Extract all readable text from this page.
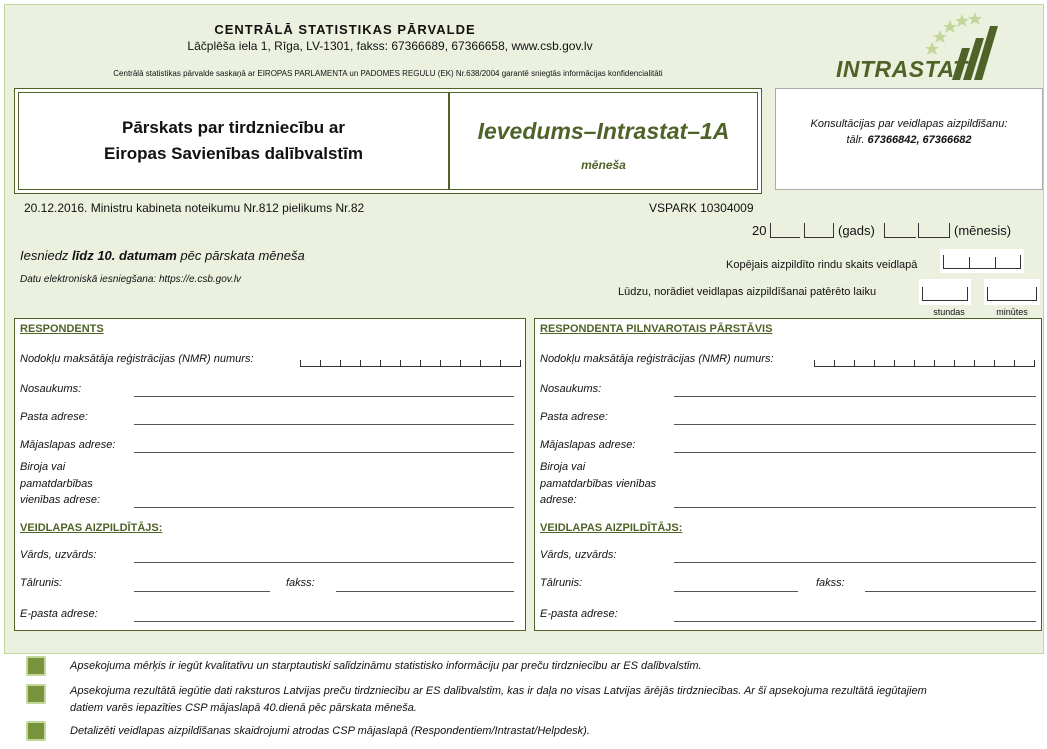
CENTRĀLĀ STATISTIKAS PĀRVALDE
Lāčplēša iela 1, Rīga, LV-1301, fakss: 67366689, 67366658, www.csb.gov.lv
Centrālā statistikas pārvalde saskaņā ar EIROPAS PARLAMENTA un PADOMES REGULU (EK) Nr.638/2004 garantē sniegtās informācijas konfidencialitāti	INTRASTAT
Pārskats par tirdzniecību ar
Eiropas Savienības dalībvalstīm
Ievedums–Intrastat–1A
mēneša
Konsultācijas par veidlapas aizpildīšanu:
tālr. 67366842, 67366682
20.12.2016. Ministru kabineta noteikumu Nr.812 pielikums Nr.82	VSPARK 10304009
20	(gads)	(mēnesis)
Iesniedz līdz 10. datumam pēc pārskata mēneša
Datu elektroniskā iesniegšana: https://e.csb.gov.lv
Kopējais aizpildīto rindu skaits veidlapā
Lūdzu, norādiet veidlapas aizpildīšanai patērēto laiku
stundas	minūtes
RESPONDENTS
Nodokļu maksātāja reģistrācijas (NMR) numurs:
Nosaukums:
Pasta adrese:
Mājaslapas adrese:
Biroja vai
pamatdarbības
vienības adrese:
VEIDLAPAS AIZPILDĪTĀJS:
Vārds, uzvārds:
Tālrunis:	fakss:
E-pasta adrese:
RESPONDENTA PILNVAROTAIS PĀRSTĀVIS
Nodokļu maksātāja reģistrācijas (NMR) numurs:
Nosaukums:
Pasta adrese:
Mājaslapas adrese:
Biroja vai
pamatdarbības vienības
adrese:
VEIDLAPAS AIZPILDĪTĀJS:
Vārds, uzvārds:
Tālrunis:	fakss:
E-pasta adrese:
Apsekojuma mērķis ir iegūt kvalitatīvu un starptautiski salīdzināmu statistisko informāciju par preču tirdzniecību ar ES dalībvalstīm.
Apsekojuma rezultātā iegūtie dati raksturos Latvijas preču tirdzniecību ar ES dalībvalstīm, kas ir daļa no visas Latvijas ārējās tirdzniecības. Ar šī apsekojuma rezultātā iegūtajiem
datiem varēs iepazīties CSP mājaslapā 40.dienā pēc pārskata mēneša.
Detalizēti veidlapas aizpildīšanas skaidrojumi atrodas CSP mājaslapā (Respondentiem/Intrastat/Helpdesk).
